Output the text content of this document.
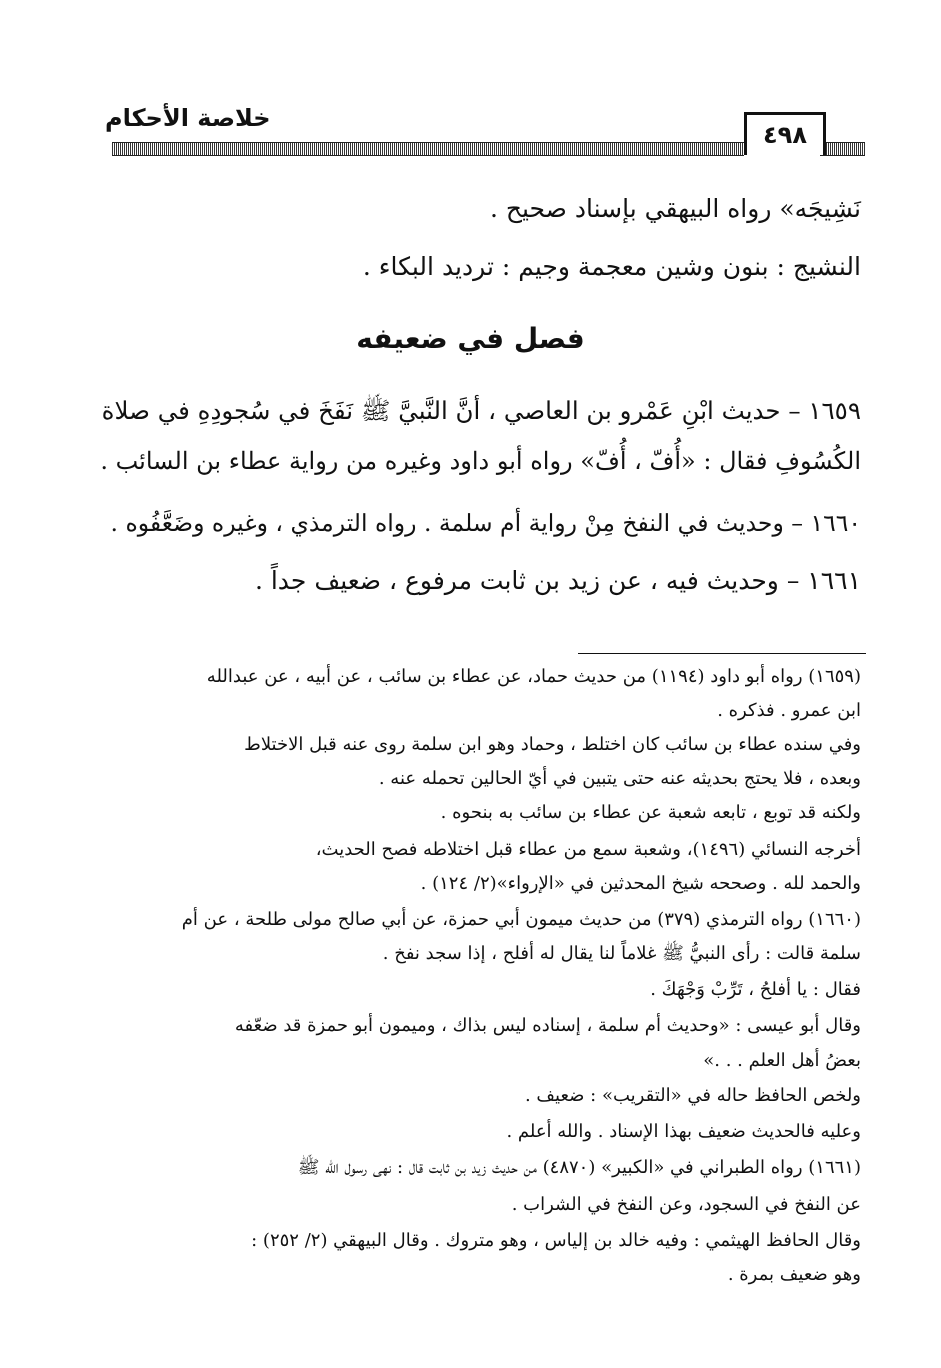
خلاصة الأحكام
٤٩٨
نَشِيجَه» رواه البيهقي بإسناد صحيح .
النشيج : بنون وشين معجمة وجيم : ترديد البكاء .
فصل في ضعيفه
١٦٥٩ – حديث ابْنِ عَمْرو بن العاصي ، أنَّ النَّبيَّ ﷺ نَفَخَ في سُجودِهِ في صلاة
الكُسُوفِ فقال : «أُفّ ، أُفّ» رواه أبو داود وغيره من رواية عطاء بن السائب .
١٦٦٠ – وحديث في النفخ مِنْ رواية أم سلمة . رواه الترمذي ، وغيره وضَعَّفُوه .
١٦٦١ – وحديث فيه ، عن زيد بن ثابت مرفوع ، ضعيف جداً .
(١٦٥٩) رواه أبو داود (١١٩٤) من حديث حماد، عن عطاء بن سائب ، عن أبيه ، عن عبدالله
ابن عمرو . فذكره .
وفي سنده عطاء بن سائب كان اختلط ، وحماد وهو ابن سلمة روى عنه قبل الاختلاط
وبعده ، فلا يحتج بحديثه عنه حتى يتبين في أيّ الحالين تحمله عنه .
ولكنه قد توبع ، تابعه شعبة عن عطاء بن سائب به بنحوه .
أخرجه النسائي (١٤٩٦)، وشعبة سمع من عطاء قبل اختلاطه فصح الحديث،
والحمد لله . وصححه شيخ المحدثين في «الإرواء»(٢/ ١٢٤) .
(١٦٦٠) رواه الترمذي (٣٧٩) من حديث ميمون أبي حمزة، عن أبي صالح مولى طلحة ، عن أم
سلمة قالت : رأى النبيُّ ﷺ غلاماً لنا يقال له أفلح ، إذا سجد نفخ .
فقال : يا أفلحُ ، تَرِّبْ وَجْهَكَ .
وقال أبو عيسى : «وحديث أم سلمة ، إسناده ليس بذاك ، وميمون أبو حمزة قد ضعّفه
بعضُ أهل العلم . . .»
ولخص الحافظ حاله في «التقريب» : ضعيف .
وعليه فالحديث ضعيف بهذا الإسناد . والله أعلم .
(١٦٦١) رواه الطبراني في «الكبير» (٤٨٧٠) من حديث زيد بن ثابت قال : نهى رسول الله ﷺ
عن النفخ في السجود، وعن النفخ في الشراب .
وقال الحافظ الهيثمي : وفيه خالد بن إلياس ، وهو متروك . وقال البيهقي (٢/ ٢٥٢) :
وهو ضعيف بمرة .
